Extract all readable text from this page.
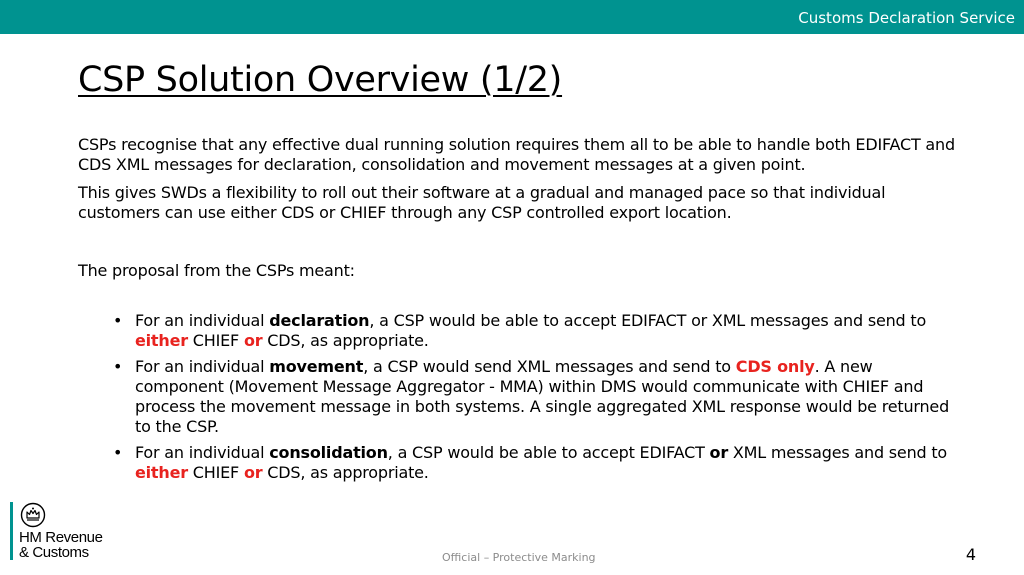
Customs Declaration Service
CSP Solution Overview (1/2)

CSPs recognise that any effective dual running solution requires them all to be able to handle both EDIFACT and CDS XML messages for declaration, consolidation and movement messages at a given point.

This gives SWDs a flexibility to roll out their software at a gradual and managed pace so that individual customers can use either CDS or CHIEF through any CSP controlled export location.

The proposal from the CSPs meant:

• For an individual declaration, a CSP would be able to accept EDIFACT or XML messages and send to either CHIEF or CDS, as appropriate.
• For an individual movement, a CSP would send XML messages and send to CDS only. A new component (Movement Message Aggregator - MMA) within DMS would communicate with CHIEF and process the movement message in both systems. A single aggregated XML response would be returned to the CSP.
• For an individual consolidation, a CSP would be able to accept EDIFACT or XML messages and send to either CHIEF or CDS, as appropriate.
HM Revenue
& Customs	Official – Protective Marking	4
